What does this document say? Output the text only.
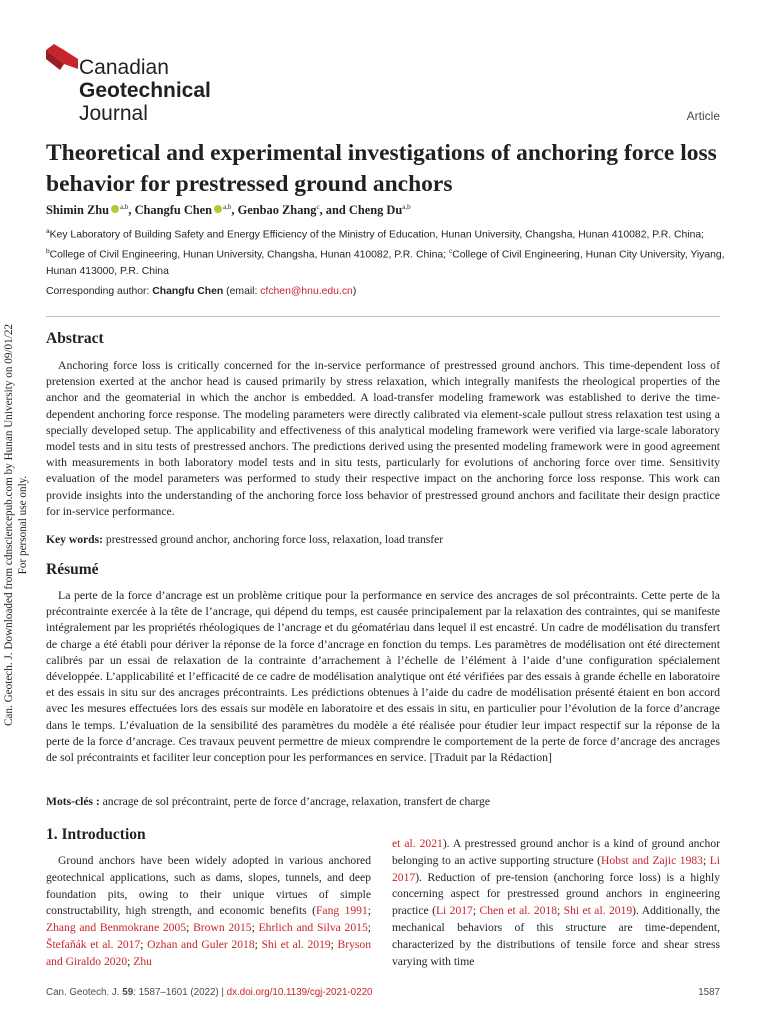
Canadian
Geotechnical
Journal	Article
Theoretical and experimental investigations of anchoring force loss behavior for prestressed ground anchors
Shimin Zhu $^{a,b}$, Changfu Chen $^{a,b}$, Genbao Zhang$^c$, and Cheng Du$^{a,b}$
$^a$Key Laboratory of Building Safety and Energy Efficiency of the Ministry of Education, Hunan University, Changsha, Hunan 410082, P.R. China; $^b$College of Civil Engineering, Hunan University, Changsha, Hunan 410082, P.R. China; $^c$College of Civil Engineering, Hunan City University, Yiyang, Hunan 413000, P.R. China
Corresponding author: Changfu Chen (email: cfchen@hnu.edu.cn)
Abstract

Anchoring force loss is critically concerned for the in-service performance of prestressed ground anchors. This time-dependent loss of pretension exerted at the anchor head is caused primarily by stress relaxation, which integrally manifests the rheological properties of the anchor and the geomaterial in which the anchor is embedded. A load-transfer modeling framework was established to derive the time-dependent anchoring force response. The modeling parameters were directly calibrated via element-scale pullout stress relaxation test using a specially developed setup. The applicability and effectiveness of this analytical modeling framework were verified via large-scale laboratory model tests and in situ tests of prestressed anchors. The predictions derived using the presented modeling framework were in good agreement with measurements in both laboratory model tests and in situ tests, particularly for evolutions of anchoring force over time. Sensitivity evaluation of the model parameters was performed to study their respective impact on the anchoring force loss response. This work can provide insights into the understanding of the anchoring force loss behavior of prestressed ground anchors and facilitate their design practice for in-service performance.

Key words: prestressed ground anchor, anchoring force loss, relaxation, load transfer
Résumé

La perte de la force d’ancrage est un problème critique pour la performance en service des ancrages de sol précontraints. Cette perte de la précontrainte exercée à la tête de l’ancrage, qui dépend du temps, est causée principalement par la relaxation des contraintes, qui se manifeste intégralement par les propriétés rhéologiques de l’ancrage et du géomatériau dans lequel il est encastré. Un cadre de modélisation du transfert de charge a été établi pour dériver la réponse de la force d’ancrage en fonction du temps. Les paramètres de modélisation ont été directement calibrés par un essai de relaxation de la contrainte d’arrachement à l’échelle de l’élément à l’aide d’une configuration spécialement développée. L’applicabilité et l’efficacité de ce cadre de modélisation analytique ont été vérifiées par des essais à grande échelle en laboratoire et des essais in situ sur des ancrages précontraints. Les prédictions obtenues à l’aide du cadre de modélisation présenté étaient en bon accord avec les mesures effectuées lors des essais sur modèle en laboratoire et des essais in situ, en particulier pour l’évolution de la force d’ancrage dans le temps. L’évaluation de la sensibilité des paramètres du modèle a été réalisée pour étudier leur impact respectif sur la réponse de la perte de la force d’ancrage. Ces travaux peuvent permettre de mieux comprendre le comportement de la perte de force d’ancrage des ancrages de sol précontraints et faciliter leur conception pour les performances en service. [Traduit par la Rédaction]

Mots-clés : ancrage de sol précontraint, perte de force d’ancrage, relaxation, transfert de charge
1. Introduction

Ground anchors have been widely adopted in various anchored geotechnical applications, such as dams, slopes, tunnels, and deep foundation pits, owing to their unique virtues of simple constructability, high strength, and economic benefits (Fang 1991; Zhang and Benmokrane 2005; Brown 2015; Ehrlich and Silva 2015; Štefaňák et al. 2017; Ozhan and Guler 2018; Shi et al. 2019; Bryson and Giraldo 2020; Zhu

et al. 2021). A prestressed ground anchor is a kind of ground anchor belonging to an active supporting structure (Hobst and Zajic 1983; Li 2017). Reduction of pre-tension (anchoring force loss) is a highly concerning aspect for prestressed ground anchors in engineering practice (Li 2017; Chen et al. 2018; Shi et al. 2019). Additionally, the mechanical behaviors of this structure are time-dependent, characterized by the distributions of tensile force and shear stress varying with time

Can. Geotech. J. 59: 1587–1601 (2022) | dx.doi.org/10.1139/cgj-2021-0220	1587
Can. Geotech. J. Downloaded from cdnsciencepub.com by Hunan University on 09/01/22 For personal use only.
